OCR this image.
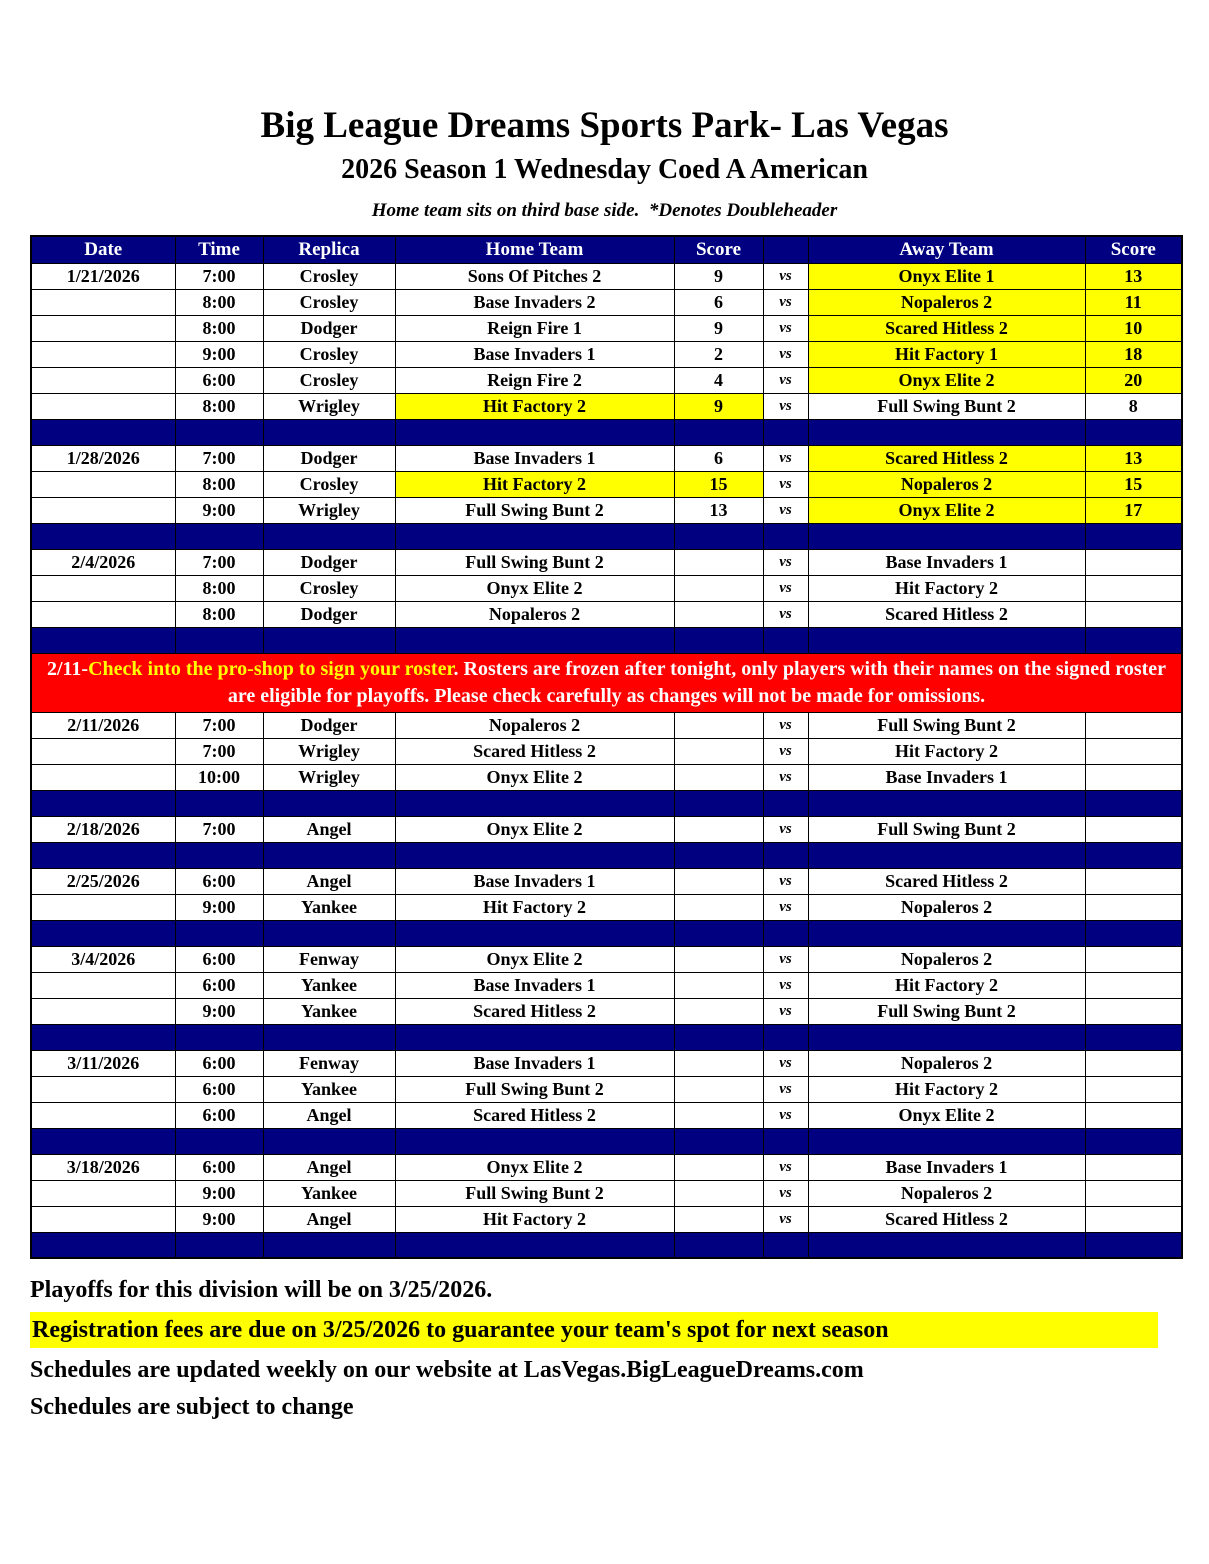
Big League Dreams Sports Park- Las Vegas
2026 Season 1 Wednesday Coed A American
Home team sits on third base side.  *Denotes Doubleheader
Date	Time	Replica	Home Team	Score		Away Team	Score
1/21/2026	7:00	Crosley	Sons Of Pitches 2	9	vs	Onyx Elite 1	13
	8:00	Crosley	Base Invaders 2	6	vs	Nopaleros 2	11
	8:00	Dodger	Reign Fire 1	9	vs	Scared Hitless 2	10
	9:00	Crosley	Base Invaders 1	2	vs	Hit Factory 1	18
	6:00	Crosley	Reign Fire 2	4	vs	Onyx Elite 2	20
	8:00	Wrigley	Hit Factory 2	9	vs	Full Swing Bunt 2	8

1/28/2026	7:00	Dodger	Base Invaders 1	6	vs	Scared Hitless 2	13
	8:00	Crosley	Hit Factory 2	15	vs	Nopaleros 2	15
	9:00	Wrigley	Full Swing Bunt 2	13	vs	Onyx Elite 2	17

2/4/2026	7:00	Dodger	Full Swing Bunt 2		vs	Base Invaders 1	
	8:00	Crosley	Onyx Elite 2		vs	Hit Factory 2	
	8:00	Dodger	Nopaleros 2		vs	Scared Hitless 2	

2/11-Check into the pro-shop to sign your roster. Rosters are frozen after tonight, only players with their names on the signed roster are eligible for playoffs. Please check carefully as changes will not be made for omissions.							
2/11/2026	7:00	Dodger	Nopaleros 2		vs	Full Swing Bunt 2	
	7:00	Wrigley	Scared Hitless 2		vs	Hit Factory 2	
	10:00	Wrigley	Onyx Elite 2		vs	Base Invaders 1	

2/18/2026	7:00	Angel	Onyx Elite 2		vs	Full Swing Bunt 2	

2/25/2026	6:00	Angel	Base Invaders 1		vs	Scared Hitless 2	
	9:00	Yankee	Hit Factory 2		vs	Nopaleros 2	

3/4/2026	6:00	Fenway	Onyx Elite 2		vs	Nopaleros 2	
	6:00	Yankee	Base Invaders 1		vs	Hit Factory 2	
	9:00	Yankee	Scared Hitless 2		vs	Full Swing Bunt 2	

3/11/2026	6:00	Fenway	Base Invaders 1		vs	Nopaleros 2	
	6:00	Yankee	Full Swing Bunt 2		vs	Hit Factory 2	
	6:00	Angel	Scared Hitless 2		vs	Onyx Elite 2	

3/18/2026	6:00	Angel	Onyx Elite 2		vs	Base Invaders 1	
	9:00	Yankee	Full Swing Bunt 2		vs	Nopaleros 2	
	9:00	Angel	Hit Factory 2		vs	Scared Hitless 2	

Playoffs for this division will be on 3/25/2026.
Registration fees are due on 3/25/2026 to guarantee your team's spot for next season
Schedules are updated weekly on our website at LasVegas.BigLeagueDreams.com
Schedules are subject to change
